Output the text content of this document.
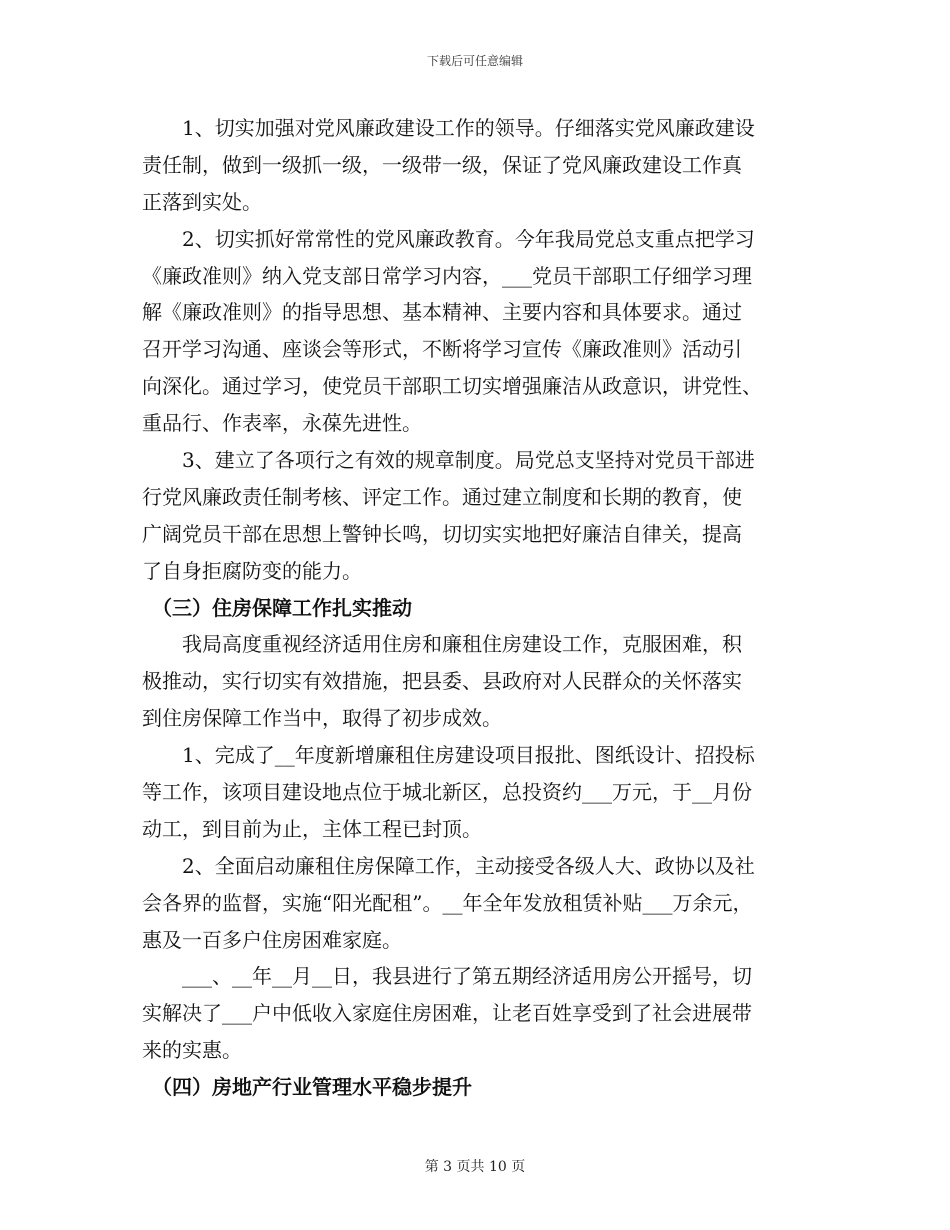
下载后可任意编辑
　　1、切实加强对党风廉政建设工作的领导。仔细落实党风廉政建设
责任制，做到一级抓一级，一级带一级，保证了党风廉政建设工作真
正落到实处。
　　2、切实抓好常常性的党风廉政教育。今年我局党总支重点把学习
《廉政准则》纳入党支部日常学习内容，___党员干部职工仔细学习理
解《廉政准则》的指导思想、基本精神、主要内容和具体要求。通过
召开学习沟通、座谈会等形式，不断将学习宣传《廉政准则》活动引
向深化。通过学习，使党员干部职工切实增强廉洁从政意识，讲党性、
重品行、作表率，永葆先进性。
　　3、建立了各项行之有效的规章制度。局党总支坚持对党员干部进
行党风廉政责任制考核、评定工作。通过建立制度和长期的教育，使
广阔党员干部在思想上警钟长鸣，切切实实地把好廉洁自律关，提高
了自身拒腐防变的能力。
　（三）住房保障工作扎实推动
　　我局高度重视经济适用住房和廉租住房建设工作，克服困难，积
极推动，实行切实有效措施，把县委、县政府对人民群众的关怀落实
到住房保障工作当中，取得了初步成效。
　　1、完成了__年度新增廉租住房建设项目报批、图纸设计、招投标
等工作，该项目建设地点位于城北新区，总投资约___万元，于__月份
动工，到目前为止，主体工程已封顶。
　　2、全面启动廉租住房保障工作，主动接受各级人大、政协以及社
会各界的监督，实施“阳光配租”。__年全年发放租赁补贴___万余元，
惠及一百多户住房困难家庭。
　　___、__年__月__日，我县进行了第五期经济适用房公开摇号，切
实解决了___户中低收入家庭住房困难，让老百姓享受到了社会进展带
来的实惠。
　（四）房地产行业管理水平稳步提升
第 3 页共 10 页
